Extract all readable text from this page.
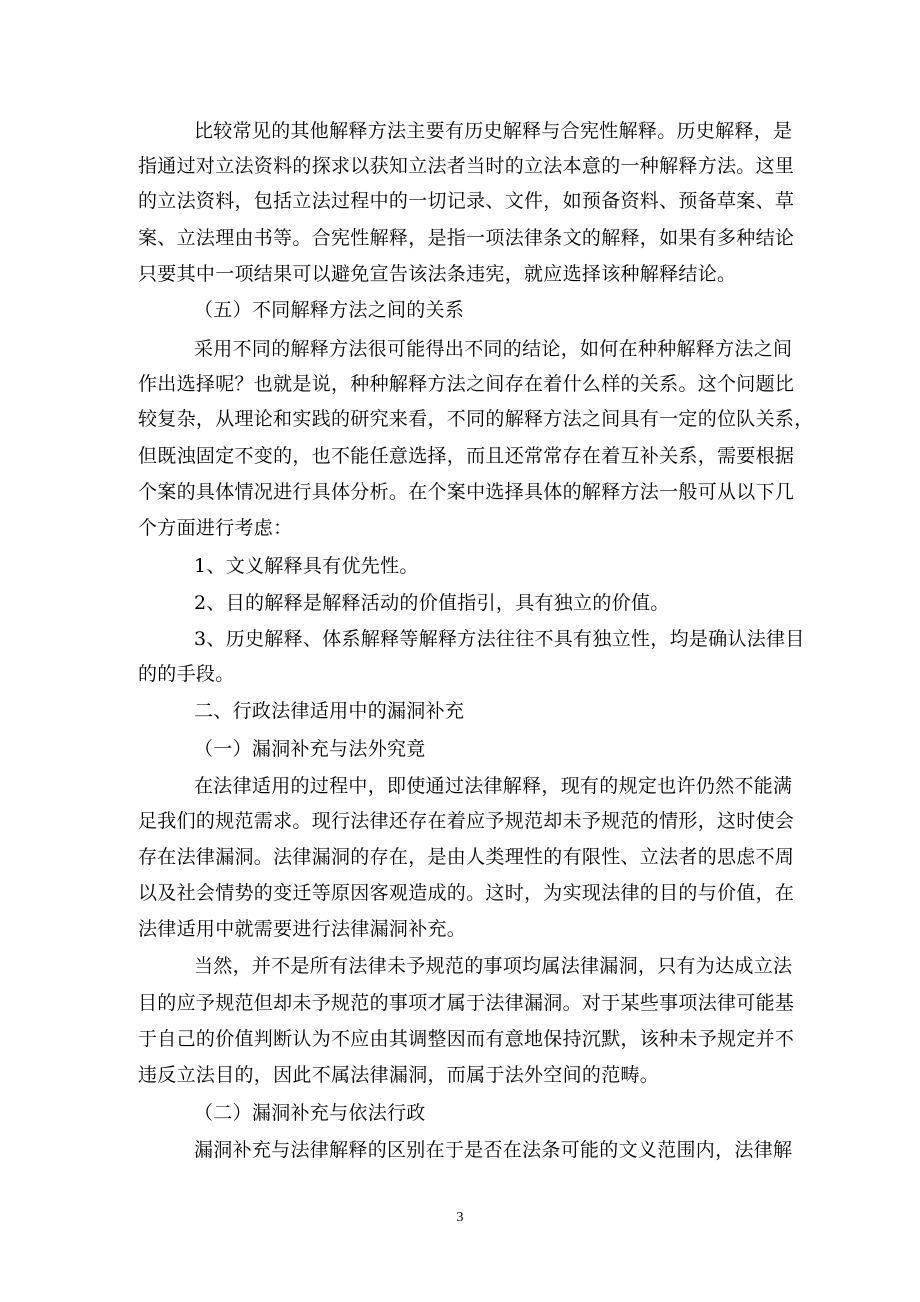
比较常见的其他解释方法主要有历史解释与合宪性解释。历史解释，是
指通过对立法资料的探求以获知立法者当时的立法本意的一种解释方法。这里
的立法资料，包括立法过程中的一切记录、文件，如预备资料、预备草案、草
案、立法理由书等。合宪性解释，是指一项法律条文的解释，如果有多种结论
只要其中一项结果可以避免宣告该法条违宪，就应选择该种解释结论。
（五）不同解释方法之间的关系
采用不同的解释方法很可能得出不同的结论，如何在种种解释方法之间
作出选择呢？也就是说，种种解释方法之间存在着什么样的关系。这个问题比
较复杂，从理论和实践的研究来看，不同的解释方法之间具有一定的位队关系，
但既浊固定不变的，也不能任意选择，而且还常常存在着互补关系，需要根据
个案的具体情况进行具体分析。在个案中选择具体的解释方法一般可从以下几
个方面进行考虑：
1、文义解释具有优先性。
2、目的解释是解释活动的价值指引，具有独立的价值。
3、历史解释、体系解释等解释方法往往不具有独立性，均是确认法律目
的的手段。
二、行政法律适用中的漏洞补充
（一）漏洞补充与法外究竟
在法律适用的过程中，即使通过法律解释，现有的规定也许仍然不能满
足我们的规范需求。现行法律还存在着应予规范却未予规范的情形，这时使会
存在法律漏洞。法律漏洞的存在，是由人类理性的有限性、立法者的思虑不周
以及社会情势的变迁等原因客观造成的。这时，为实现法律的目的与价值，在
法律适用中就需要进行法律漏洞补充。
当然，并不是所有法律未予规范的事项均属法律漏洞，只有为达成立法
目的应予规范但却未予规范的事项才属于法律漏洞。对于某些事项法律可能基
于自己的价值判断认为不应由其调整因而有意地保持沉默，该种未予规定并不
违反立法目的，因此不属法律漏洞，而属于法外空间的范畴。
（二）漏洞补充与依法行政
漏洞补充与法律解释的区别在于是否在法条可能的文义范围内，法律解
3
